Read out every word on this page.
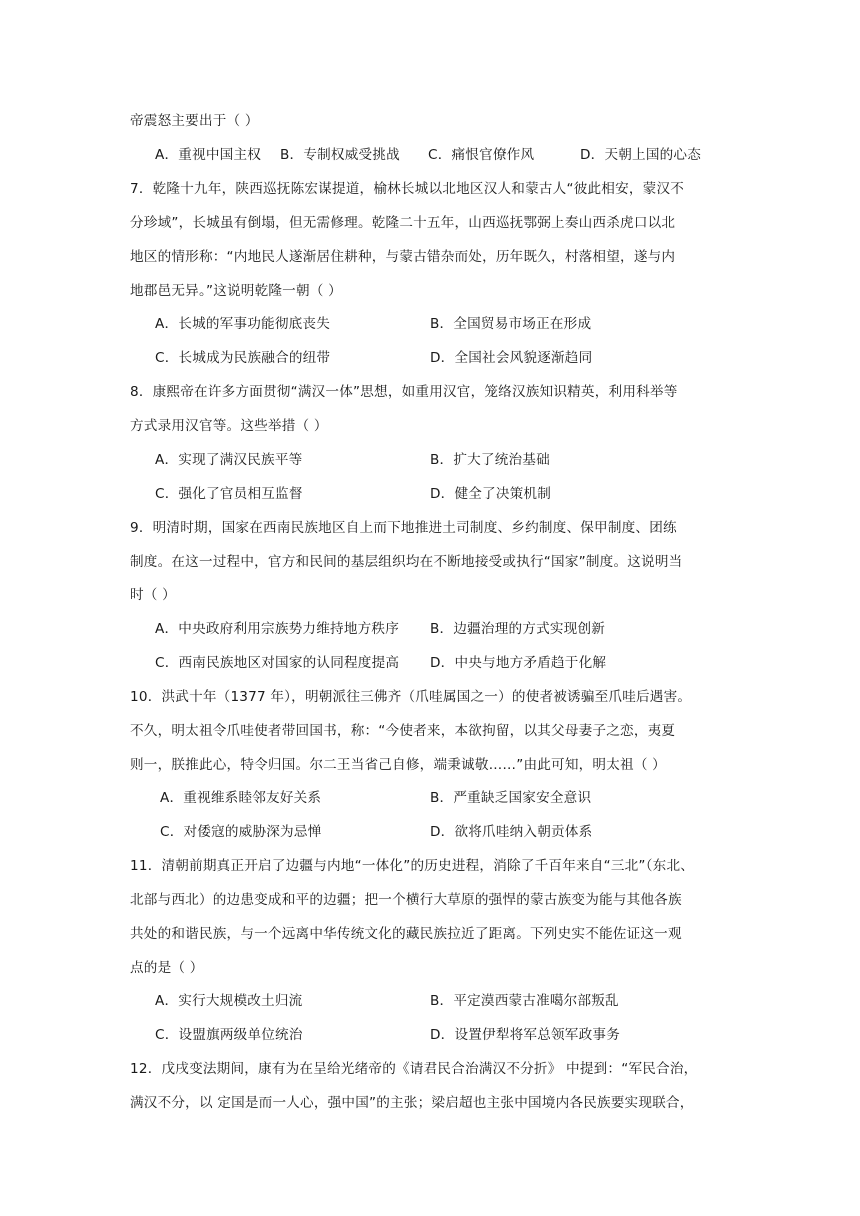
帝震怒主要出于（ ）
A．重视中国主权 B．专制权威受挑战 C．痛恨官僚作风	D．天朝上国的心态
7．乾隆十九年，陕西巡抚陈宏谋提道，榆林长城以北地区汉人和蒙古人“彼此相安，蒙汉不
分珍域”，长城虽有倒塌，但无需修理。乾隆二十五年，山西巡抚鄂弼上奏山西杀虎口以北
地区的情形称：“内地民人遂渐居住耕种，与蒙古错杂而处，历年既久，村落相望，遂与内
地郡邑无异。”这说明乾隆一朝（ ）
A．长城的军事功能彻底丧失	B．全国贸易市场正在形成
C．长城成为民族融合的纽带	D．全国社会风貌逐渐趋同
8．康熙帝在许多方面贯彻“满汉一体”思想，如重用汉官，笼络汉族知识精英，利用科举等
方式录用汉官等。这些举措（ ）
A．实现了满汉民族平等	B．扩大了统治基础
C．强化了官员相互监督	D．健全了决策机制
9．明清时期，国家在西南民族地区自上而下地推进土司制度、乡约制度、保甲制度、团练
制度。在这一过程中，官方和民间的基层组织均在不断地接受或执行“国家”制度。这说明当
时（ ）
A．中央政府利用宗族势力维持地方秩序 B．边疆治理的方式实现创新
C．西南民族地区对国家的认同程度提高 D．中央与地方矛盾趋于化解
10．洪武十年（1377 年），明朝派往三佛齐（爪哇属国之一）的使者被诱骗至爪哇后遇害。
不久，明太祖令爪哇使者带回国书，称：“今使者来，本欲拘留，以其父母妻子之恋，夷夏
则一，朕推此心，特令归国。尔二王当省己自修，端秉诚敬……”由此可知，明太祖（ ）
A．重视维系睦邻友好关系	B．严重缺乏国家安全意识
C．对倭寇的威胁深为忌惮	D．欲将爪哇纳入朝贡体系
11．清朝前期真正开启了边疆与内地“一体化”的历史进程，消除了千百年来自“三北”（东北、
北部与西北）的边患变成和平的边疆；把一个横行大草原的强悍的蒙古族变为能与其他各族
共处的和谐民族，与一个远离中华传统文化的藏民族拉近了距离。下列史实不能佐证这一观
点的是（ ）
A．实行大规模改土归流	B．平定漠西蒙古准噶尔部叛乱
C．设盟旗两级单位统治	D．设置伊犁将军总领军政事务
12．戊戌变法期间，康有为在呈给光绪帝的《请君民合治满汉不分折》 中提到：“军民合治，
满汉不分，以 定国是而一人心，强中国”的主张；梁启超也主张中国境内各民族要实现联合，
